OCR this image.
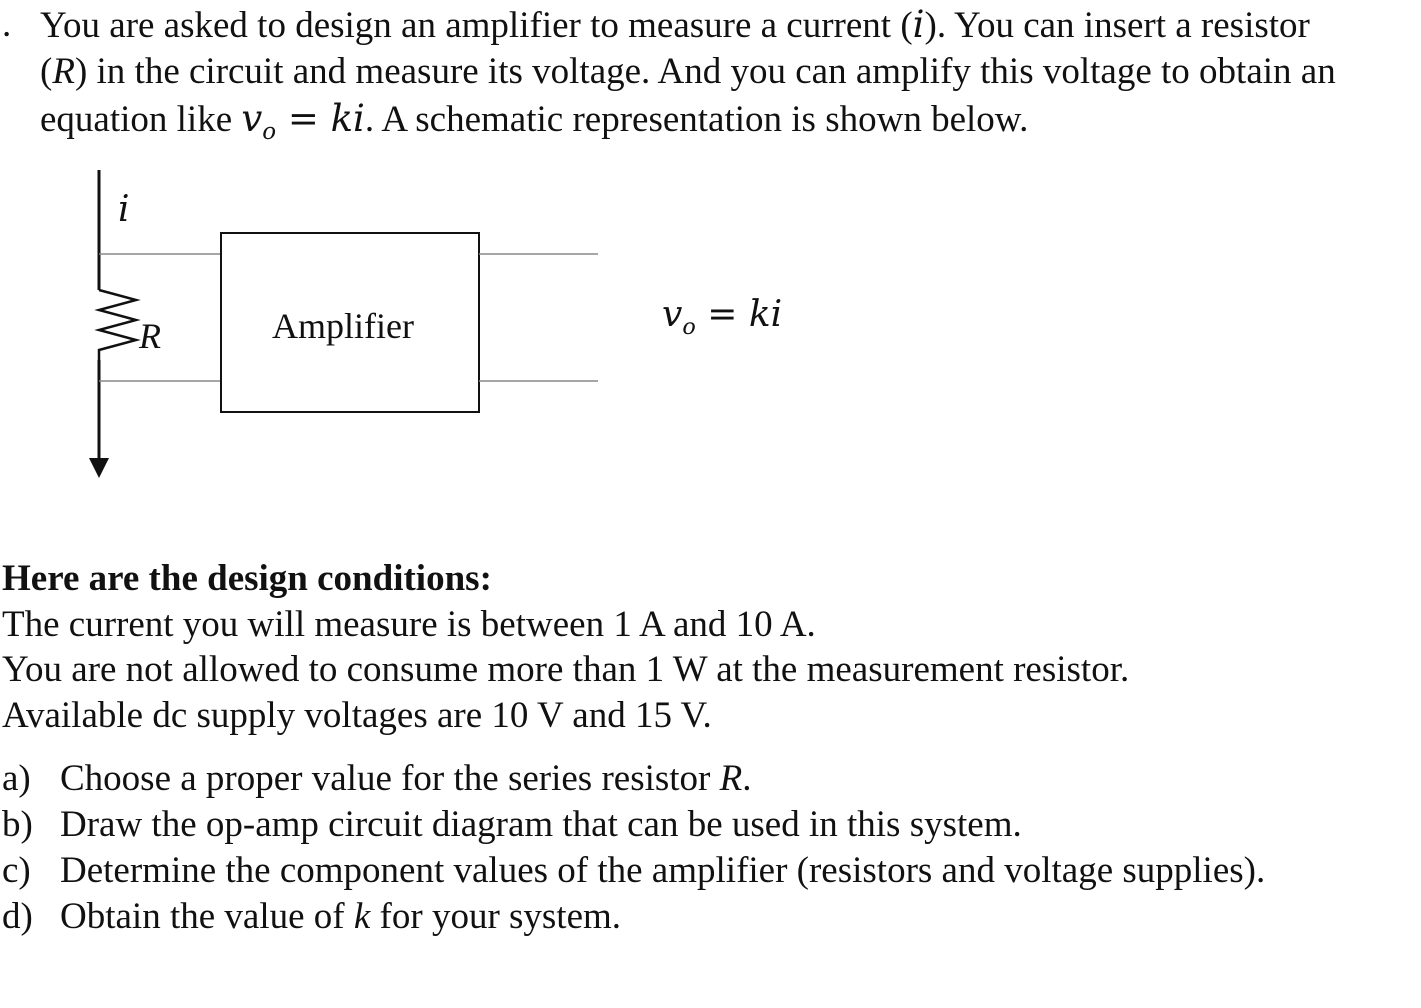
. You are asked to design an amplifier to measure a current (i). You can insert a resistor
(R) in the circuit and measure its voltage. And you can amplify this voltage to obtain an
equation like $v_o$ = ki. A schematic representation is shown below.
i
R	Amplifier	$v_o$ = ki
Here are the design conditions:
The current you will measure is between 1 A and 10 A.
You are not allowed to consume more than 1 W at the measurement resistor.
Available dc supply voltages are 10 V and 15 V.
a) Choose a proper value for the series resistor R.
b) Draw the op-amp circuit diagram that can be used in this system.
c) Determine the component values of the amplifier (resistors and voltage supplies).
d) Obtain the value of k for your system.
